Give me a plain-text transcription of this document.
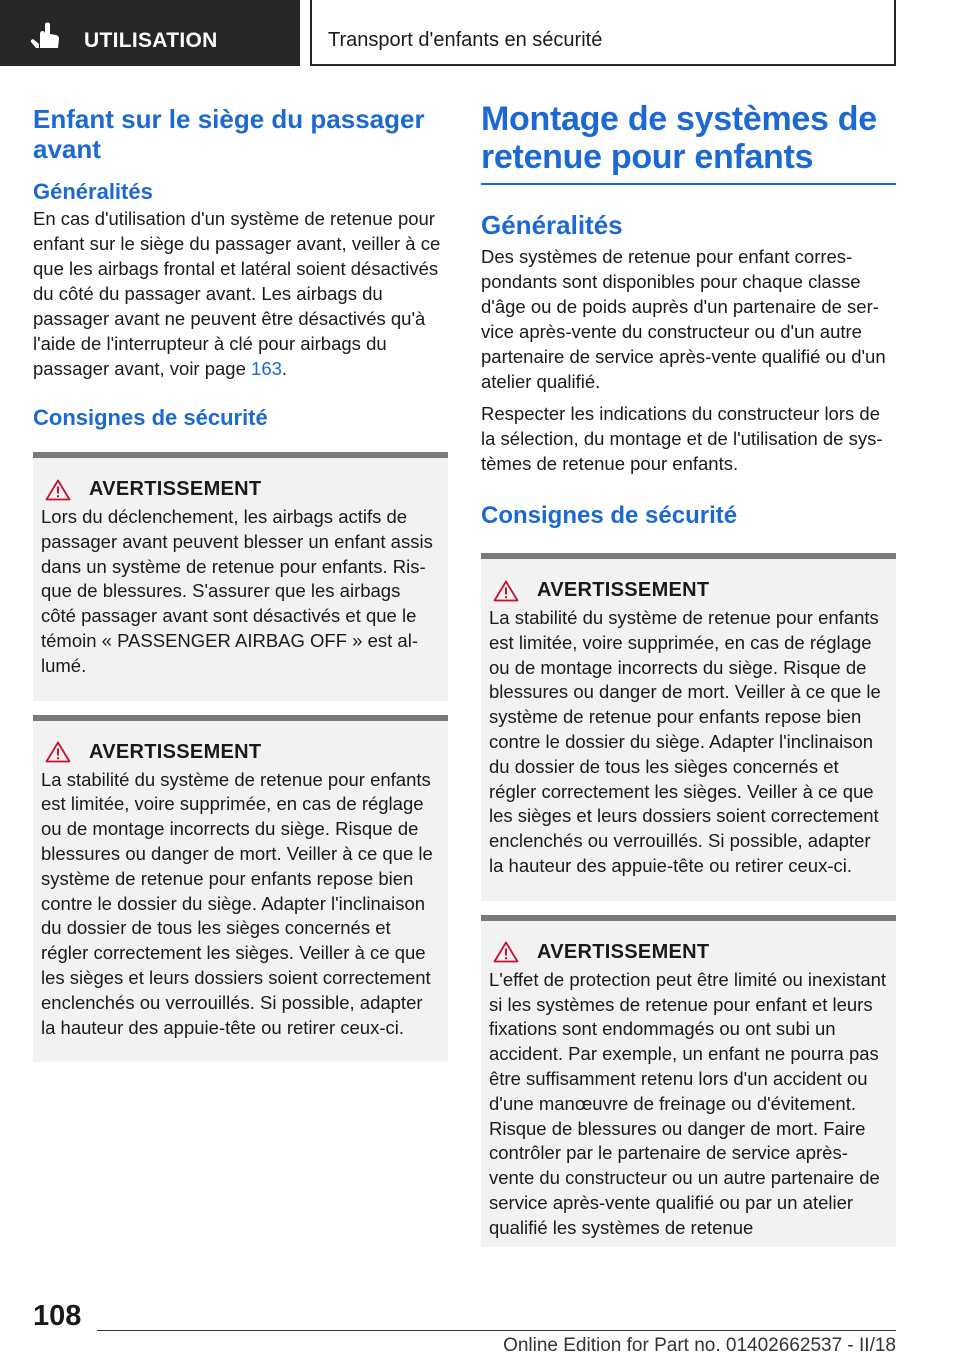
UTILISATION	Transport d'enfants en sécurité
Enfant sur le siège du passager avant
Généralités

En cas d'utilisation d'un système de retenue pour enfant sur le siège du passager avant, veiller à ce que les airbags frontal et latéral soient désactivés du côté du passager avant. Les airbags du passager avant ne peuvent être désactivés qu'à l'aide de l'interrupteur à clé pour airbags du passager avant, voir page 163.

Consignes de sécurité
AVERTISSEMENT

Lors du déclenchement, les airbags actifs de passager avant peuvent blesser un enfant assis dans un système de retenue pour enfants. Risque de blessures. S'assurer que les airbags côté passager avant sont désactivés et que le témoin « PASSENGER AIRBAG OFF » est allumé.

AVERTISSEMENT

La stabilité du système de retenue pour enfants est limitée, voire supprimée, en cas de réglage ou de montage incorrects du siège. Risque de blessures ou danger de mort. Veiller à ce que le système de retenue pour enfants repose bien contre le dossier du siège. Adapter l'inclinaison du dossier de tous les sièges concernés et régler correctement les sièges. Veiller à ce que les sièges et leurs dossiers soient correctement enclenchés ou verrouillés. Si possible, adapter la hauteur des appuie-tête ou retirer ceux-ci.

Montage de systèmes de retenue pour enfants
Généralités

Des systèmes de retenue pour enfant correspondants sont disponibles pour chaque classe d'âge ou de poids auprès d'un partenaire de service après-vente du constructeur ou d'un autre partenaire de service après-vente qualifié ou d'un atelier qualifié.

Respecter les indications du constructeur lors de la sélection, du montage et de l'utilisation de systèmes de retenue pour enfants.

Consignes de sécurité
AVERTISSEMENT

La stabilité du système de retenue pour enfants est limitée, voire supprimée, en cas de réglage ou de montage incorrects du siège. Risque de blessures ou danger de mort. Veiller à ce que le système de retenue pour enfants repose bien contre le dossier du siège. Adapter l'inclinaison du dossier de tous les sièges concernés et régler correctement les sièges. Veiller à ce que les sièges et leurs dossiers soient correctement enclenchés ou verrouillés. Si possible, adapter la hauteur des appuie-tête ou retirer ceux-ci.

AVERTISSEMENT

L'effet de protection peut être limité ou inexistant si les systèmes de retenue pour enfant et leurs fixations sont endommagés ou ont subi un accident. Par exemple, un enfant ne pourra pas être suffisamment retenu lors d'un accident ou d'une manœuvre de freinage ou d'évitement. Risque de blessures ou danger de mort. Faire contrôler par le partenaire de service après-vente du constructeur ou un autre partenaire de service après-vente qualifié ou par un atelier qualifié les systèmes de retenue

108
Online Edition for Part no. 01402662537 - II/18
